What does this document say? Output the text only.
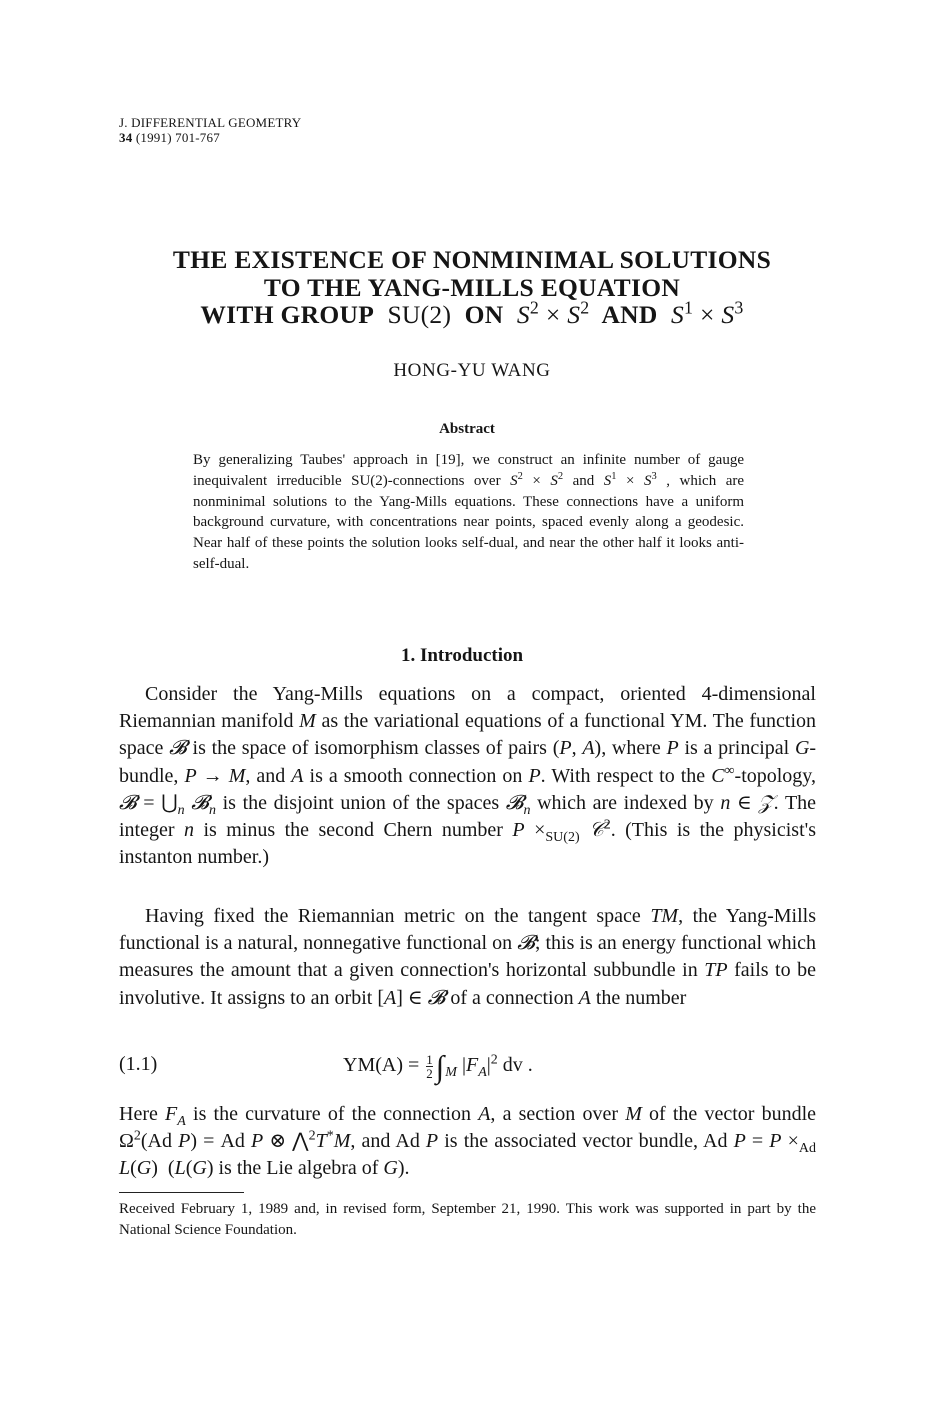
J. DIFFERENTIAL GEOMETRY
34 (1991) 701-767
THE EXISTENCE OF NONMINIMAL SOLUTIONS
TO THE YANG-MILLS EQUATION
WITH GROUP SU(2) ON $S^2 \times S^2$ AND $S^1 \times S^3$
HONG-YU WANG
Abstract
By generalizing Taubes' approach in [19], we construct an infinite number of gauge inequivalent irreducible SU(2)-connections over $S^2 \times S^2$ and $S^1 \times S^3$ , which are nonminimal solutions to the Yang-Mills equations. These connections have a uniform background curvature, with concentrations near points, spaced evenly along a geodesic. Near half of these points the solution looks self-dual, and near the other half it looks anti-self-dual.
1. Introduction
Consider the Yang-Mills equations on a compact, oriented 4-dimensional Riemannian manifold M as the variational equations of a functional YM. The function space 𝓑 is the space of isomorphism classes of pairs (P, A), where P is a principal G-bundle, P → M, and A is a smooth connection on P. With respect to the C∞-topology, 𝓑 = $⋃_n$ 𝓑$_n$ is the disjoint union of the spaces 𝓑$_n$ which are indexed by n ∈ 𝒵. The integer n is minus the second Chern number $P \times_{SU(2)}$ 𝒞$^2$. (This is the physicist's instanton number.)
Having fixed the Riemannian metric on the tangent space TM, the Yang-Mills functional is a natural, nonnegative functional on 𝓑; this is an energy functional which measures the amount that a given connection's horizontal subbundle in TP fails to be involutive. It assigns to an orbit [A] ∈ 𝓑 of a connection A the number
(1.1)	$YM(A) = \frac{1}{2} \int_M$ $|F_A|^2$ dv .
Here $F_A$ is the curvature of the connection A, a section over M of the vector bundle $\Omega^2(Ad$ P) = Ad P ⊗ ⋀$^2$T*M, and Ad P is the associated vector bundle, Ad $P = P \times_{Ad}$ L(G)  (L(G) is the Lie algebra of G).
Received February 1, 1989 and, in revised form, September 21, 1990. This work was supported in part by the National Science Foundation.
